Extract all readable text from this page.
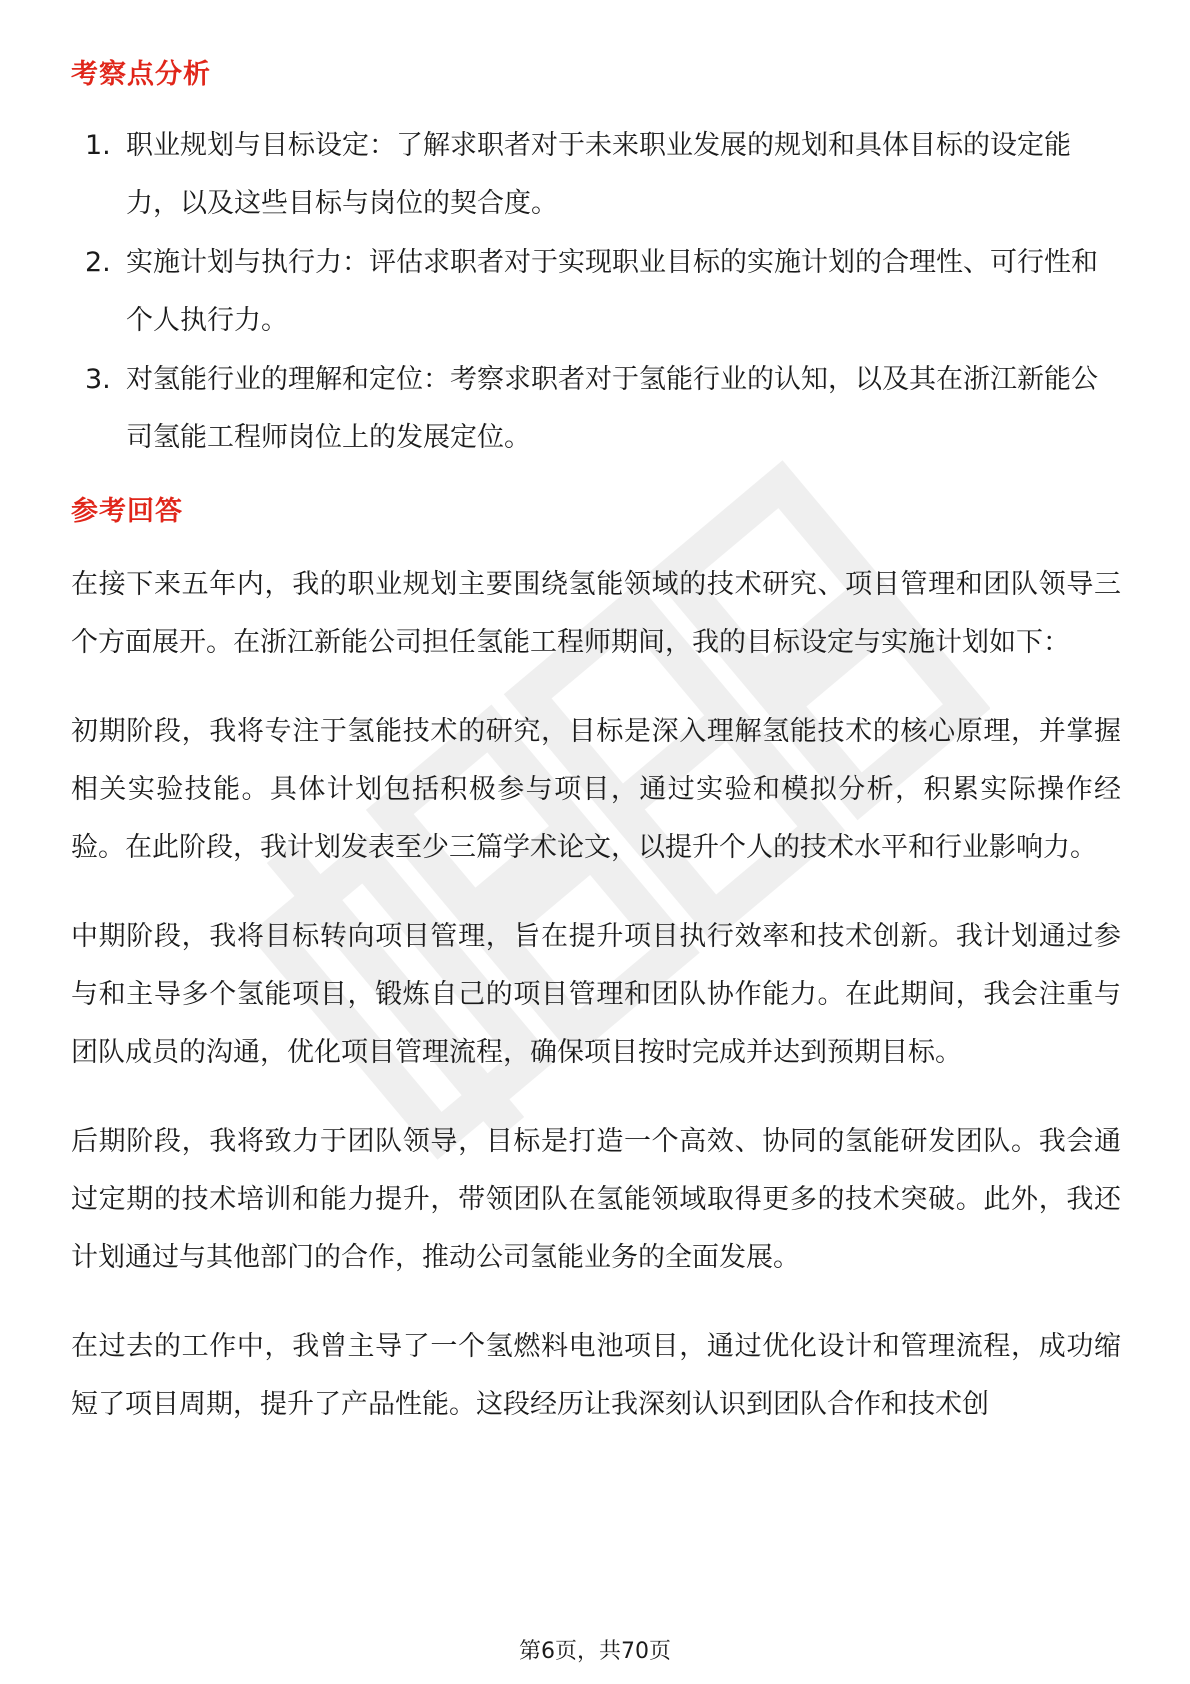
考察点分析
1. 职业规划与目标设定：了解求职者对于未来职业发展的规划和具体目标的设定能力，以及这些目标与岗位的契合度。
2. 实施计划与执行力：评估求职者对于实现职业目标的实施计划的合理性、可行性和个人执行力。
3. 对氢能行业的理解和定位：考察求职者对于氢能行业的认知，以及其在浙江新能公司氢能工程师岗位上的发展定位。
参考回答

在接下来五年内，我的职业规划主要围绕氢能领域的技术研究、项目管理和团队领导三个方面展开。在浙江新能公司担任氢能工程师期间，我的目标设定与实施计划如下：

初期阶段，我将专注于氢能技术的研究，目标是深入理解氢能技术的核心原理，并掌握相关实验技能。具体计划包括积极参与项目，通过实验和模拟分析，积累实际操作经验。在此阶段，我计划发表至少三篇学术论文，以提升个人的技术水平和行业影响力。

中期阶段，我将目标转向项目管理，旨在提升项目执行效率和技术创新。我计划通过参与和主导多个氢能项目，锻炼自己的项目管理和团队协作能力。在此期间，我会注重与团队成员的沟通，优化项目管理流程，确保项目按时完成并达到预期目标。

后期阶段，我将致力于团队领导，目标是打造一个高效、协同的氢能研发团队。我会通过定期的技术培训和能力提升，带领团队在氢能领域取得更多的技术突破。此外，我还计划通过与其他部门的合作，推动公司氢能业务的全面发展。

在过去的工作中，我曾主导了一个氢燃料电池项目，通过优化设计和管理流程，成功缩短了项目周期，提升了产品性能。这段经历让我深刻认识到团队合作和技术创

第6页，共70页
